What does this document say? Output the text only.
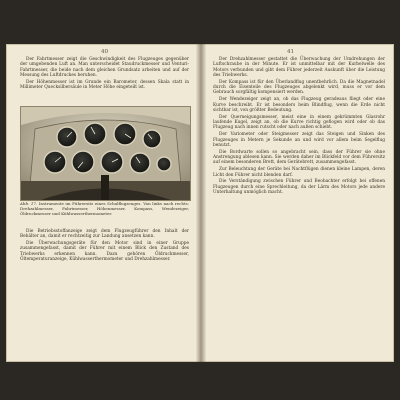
40

Der Fahrtmesser zeigt die Geschwindigkeit des Flugzeuges gegenüber der umgebenden Luft an. Man unterscheidet Staudruckmesser und Venturi-Fahrtmesser, die beide nach dem gleichen Grundsatz arbeiten und auf der Messung des Luftdruckes beruhen.

Der Höhenmesser ist im Grunde ein Barometer, dessen Skala statt in Millimeter Quecksilbersäule in Meter Höhe eingeteilt ist.

Abb. 17. Instrumente im Führersitz eines Schulflugzeuges. Von links nach rechts: Drehzahlmesser, Fahrtmesser, Höhenmesser, Kompass, Wendezeiger, Öldruckmesser und Kühlwasserthermometer.

Die Betriebsstoffanzeige zeigt dem Flugzeugführer den Inhalt der Behälter an, damit er rechtzeitig zur Landung ansetzen kann.

Die Überwachungsgeräte für den Motor sind in einer Gruppe zusammengefasst, damit der Führer mit einem Blick den Zustand des Triebwerks erkennen kann. Dazu gehören Öldruckmesser, Öltemperaturanzeige, Kühlwasserthermometer und Drehzahlmesser.

41

Der Drehzahlmesser gestattet die Überwachung der Umdrehungen der Luftschraube in der Minute. Er ist unmittelbar mit der Kurbelwelle des Motors verbunden und gibt dem Führer jederzeit Auskunft über die Leistung des Triebwerks.

Der Kompass ist für den Überlandflug unentbehrlich. Da die Magnetnadel durch die Eisenteile des Flugzeuges abgelenkt wird, muss er vor dem Gebrauch sorgfältig kompensiert werden.

Der Wendezeiger zeigt an, ob das Flugzeug geradeaus fliegt oder eine Kurve beschreibt. Er ist besonders beim Blindflug, wenn die Erde nicht sichtbar ist, von größter Bedeutung.

Der Querneigungsmesser, meist eine in einem gekrümmten Glasrohr laufende Kugel, zeigt an, ob die Kurve richtig geflogen wird oder ob das Flugzeug nach innen rutscht oder nach außen schiebt.

Der Variometer oder Steigmesser zeigt das Steigen und Sinken des Flugzeuges in Metern je Sekunde an und wird vor allem beim Segelflug benutzt.

Die Bordwarte sollen so angebracht sein, dass der Führer sie ohne Anstrengung ablesen kann. Sie werden daher im Blickfeld vor dem Führersitz auf einem besonderen Brett, dem Gerätebrett, zusammengefasst.

Zur Beleuchtung der Geräte bei Nachtflügen dienen kleine Lampen, deren Licht den Führer nicht blenden darf.

Die Verständigung zwischen Führer und Beobachter erfolgt bei offenen Flugzeugen durch eine Sprechleitung, da der Lärm des Motors jede andere Unterhaltung unmöglich macht.
